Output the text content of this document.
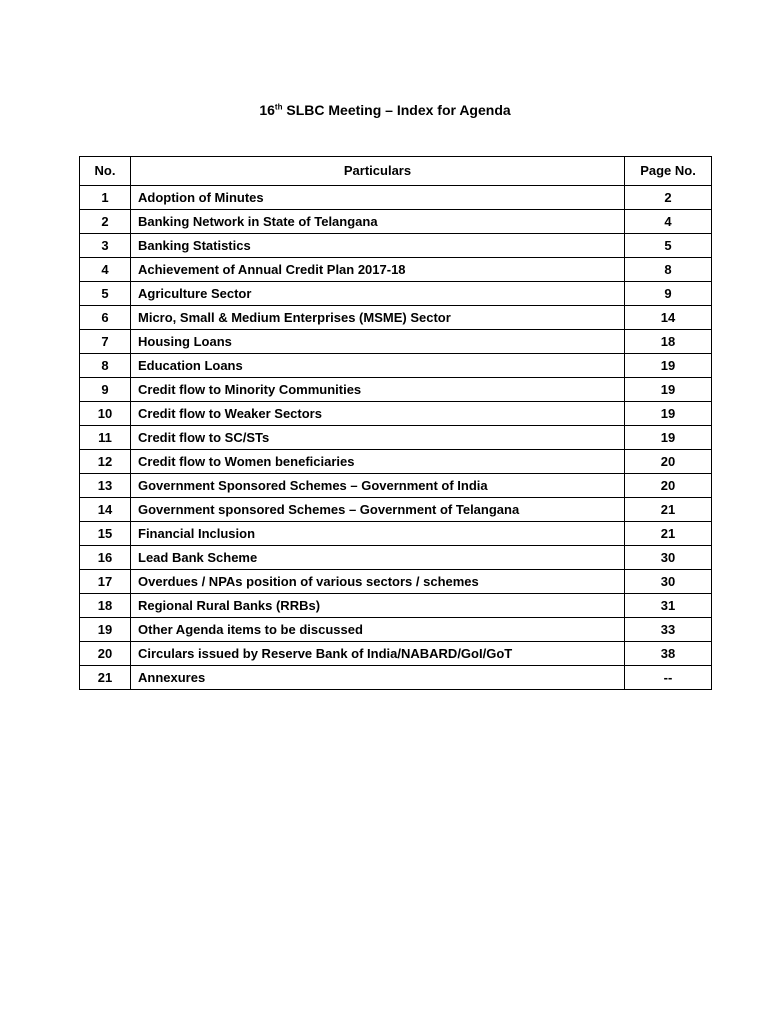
16th SLBC Meeting – Index for Agenda
No.	Particulars	Page No.
1	Adoption of Minutes	2
2	Banking Network in State of Telangana	4
3	Banking Statistics	5
4	Achievement of Annual Credit Plan 2017-18	8
5	Agriculture Sector	9
6	Micro, Small & Medium Enterprises (MSME) Sector	14
7	Housing Loans	18
8	Education Loans	19
9	Credit flow to Minority Communities	19
10	Credit flow to Weaker Sectors	19
11	Credit flow to SC/STs	19
12	Credit flow to Women beneficiaries	20
13	Government Sponsored Schemes – Government of India	20
14	Government sponsored Schemes – Government of Telangana	21
15	Financial Inclusion	21
16	Lead Bank Scheme	30
17	Overdues / NPAs position of various sectors / schemes	30
18	Regional Rural Banks (RRBs)	31
19	Other Agenda items to be discussed	33
20	Circulars issued by Reserve Bank of India/NABARD/GoI/GoT	38
21	Annexures	--
